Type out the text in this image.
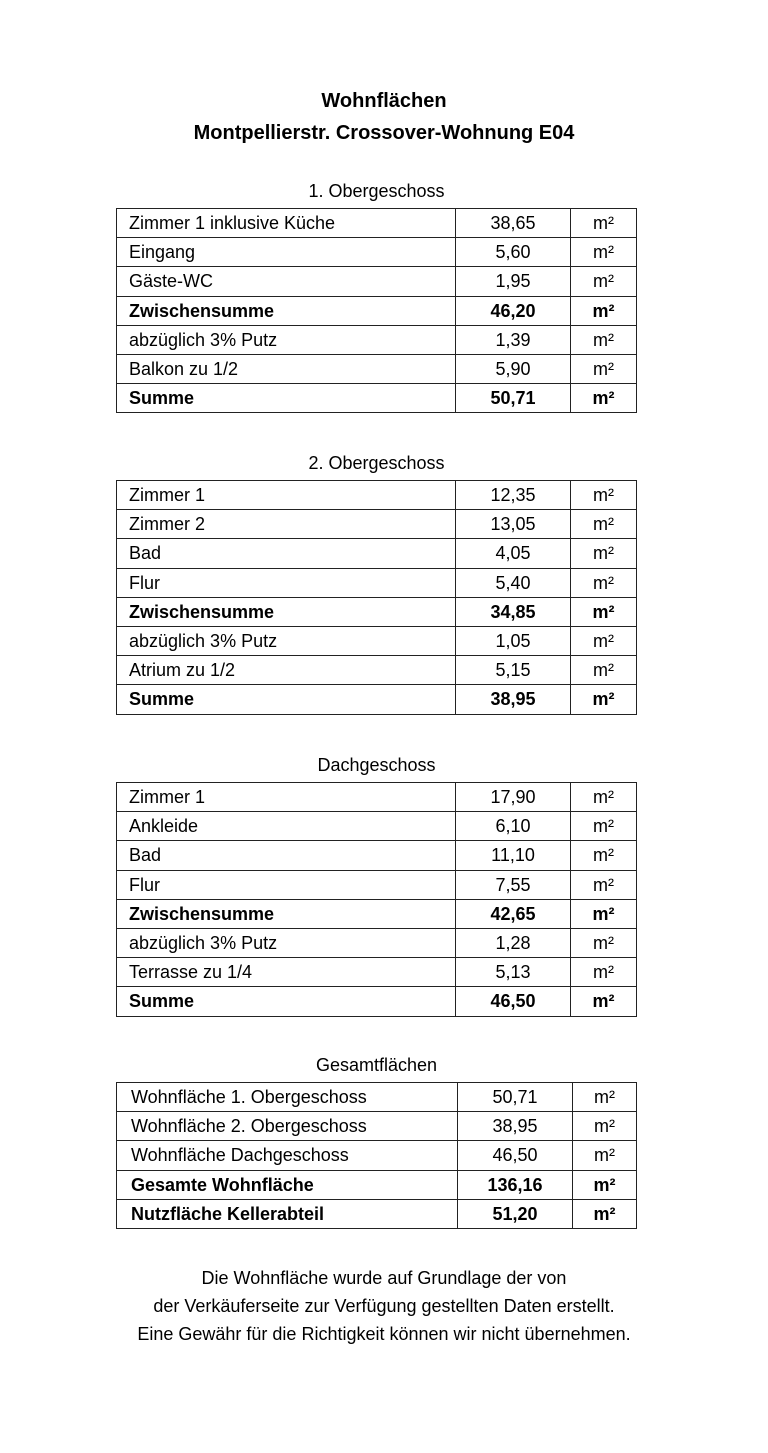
Wohnflächen
Montpellierstr. Crossover-Wohnung E04
1. Obergeschoss
Zimmer 1 inklusive Küche	38,65	m²
Eingang	5,60	m²
Gäste-WC	1,95	m²
Zwischensumme	46,20	m²
abzüglich 3% Putz	1,39	m²
Balkon zu 1/2	5,90	m²
Summe	50,71	m²
2. Obergeschoss
Zimmer 1	12,35	m²
Zimmer 2	13,05	m²
Bad	4,05	m²
Flur	5,40	m²
Zwischensumme	34,85	m²
abzüglich 3% Putz	1,05	m²
Atrium zu 1/2	5,15	m²
Summe	38,95	m²
Dachgeschoss
Zimmer 1	17,90	m²
Ankleide	6,10	m²
Bad	11,10	m²
Flur	7,55	m²
Zwischensumme	42,65	m²
abzüglich 3% Putz	1,28	m²
Terrasse zu 1/4	5,13	m²
Summe	46,50	m²
Gesamtflächen
Wohnfläche 1. Obergeschoss	50,71	m²
Wohnfläche 2. Obergeschoss	38,95	m²
Wohnfläche Dachgeschoss	46,50	m²
Gesamte Wohnfläche	136,16	m²
Nutzfläche Kellerabteil	51,20	m²
Die Wohnfläche wurde auf Grundlage der von
der Verkäuferseite zur Verfügung gestellten Daten erstellt.
Eine Gewähr für die Richtigkeit können wir nicht übernehmen.
